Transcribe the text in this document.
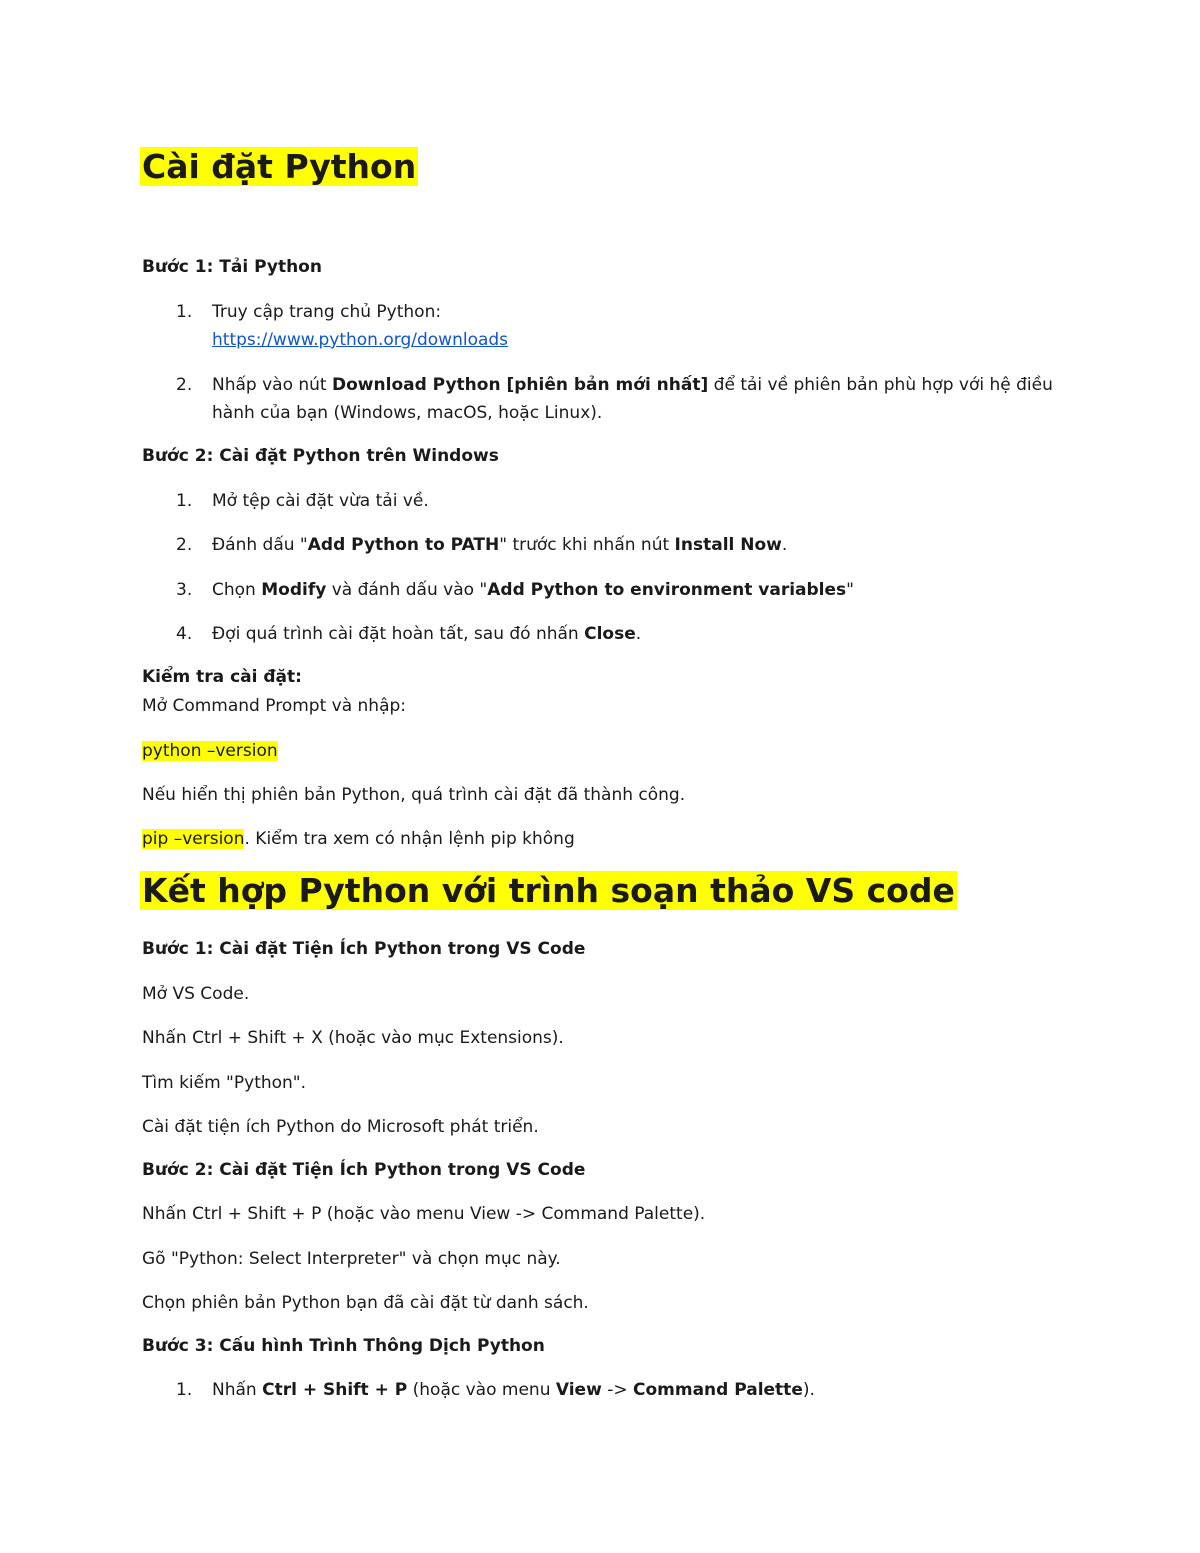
Cài đặt Python
Bước 1: Tải Python
1. Truy cập trang chủ Python:
https://www.python.org/downloads
2. Nhấp vào nút Download Python [phiên bản mới nhất] để tải về phiên bản phù hợp với hệ điều
hành của bạn (Windows, macOS, hoặc Linux).
Bước 2: Cài đặt Python trên Windows
1. Mở tệp cài đặt vừa tải về.
2. Đánh dấu "Add Python to PATH" trước khi nhấn nút Install Now.
3. Chọn Modify và đánh dấu vào "Add Python to environment variables"
4. Đợi quá trình cài đặt hoàn tất, sau đó nhấn Close.
Kiểm tra cài đặt:
Mở Command Prompt và nhập:
python –version
Nếu hiển thị phiên bản Python, quá trình cài đặt đã thành công.
pip –version. Kiểm tra xem có nhận lệnh pip không
Kết hợp Python với trình soạn thảo VS code
Bước 1: Cài đặt Tiện Ích Python trong VS Code
Mở VS Code.
Nhấn Ctrl + Shift + X (hoặc vào mục Extensions).
Tìm kiếm "Python".
Cài đặt tiện ích Python do Microsoft phát triển.
Bước 2: Cài đặt Tiện Ích Python trong VS Code
Nhấn Ctrl + Shift + P (hoặc vào menu View -> Command Palette).
Gõ "Python: Select Interpreter" và chọn mục này.
Chọn phiên bản Python bạn đã cài đặt từ danh sách.
Bước 3: Cấu hình Trình Thông Dịch Python
1. Nhấn Ctrl + Shift + P (hoặc vào menu View -> Command Palette).
